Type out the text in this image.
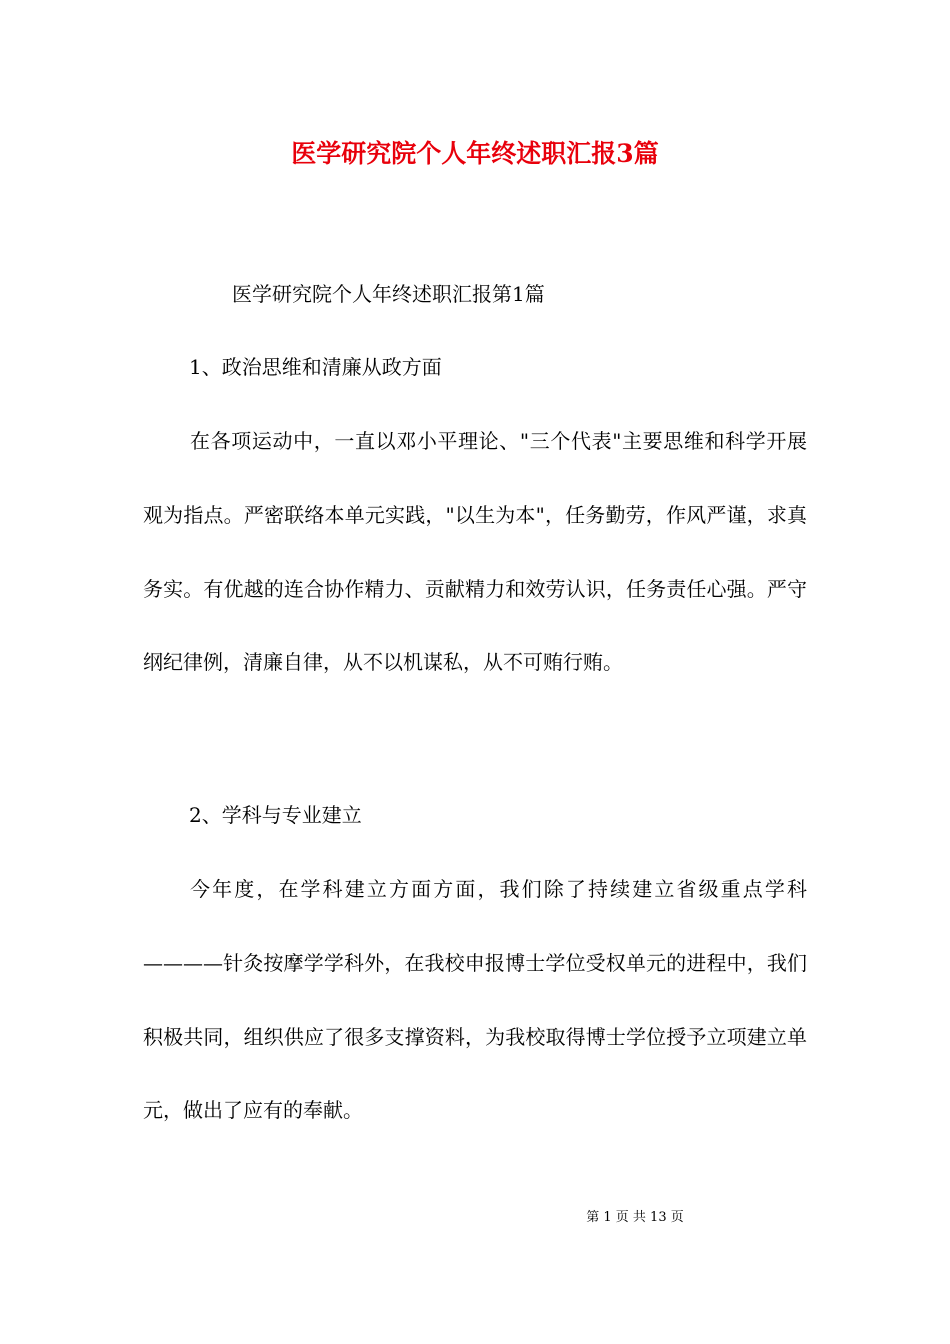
医学研究院个人年终述职汇报3篇

医学研究院个人年终述职汇报第1篇

1、政治思维和清廉从政方面

在各项运动中，一直以邓小平理论、"三个代表"主要思维和科学开展观为指点。严密联络本单元实践，"以生为本"，任务勤劳，作风严谨，求真务实。有优越的连合协作精力、贡献精力和效劳认识，任务责任心强。严守纲纪律例，清廉自律，从不以机谋私，从不可贿行贿。

2、学科与专业建立

今年度，在学科建立方面方面，我们除了持续建立省级重点学科————针灸按摩学学科外，在我校申报博士学位受权单元的进程中，我们积极共同，组织供应了很多支撑资料，为我校取得博士学位授予立项建立单元，做出了应有的奉献。

第 1 页 共 13 页
